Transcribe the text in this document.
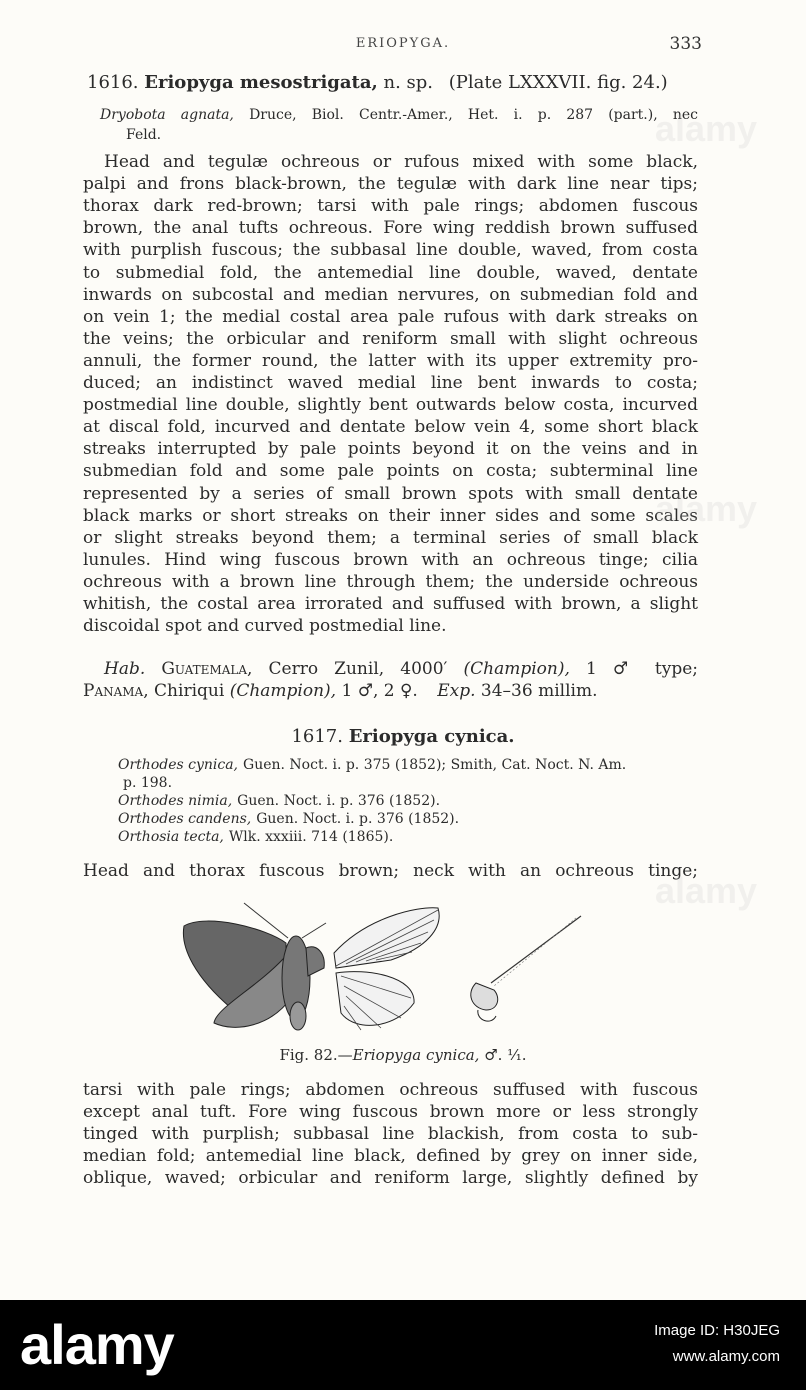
ERIOPYGA.	333
1616. Eriopyga mesostrigata, n. sp. (Plate LXXXVII. fig. 24.)
Dryobota agnata, Druce, Biol. Centr.-Amer., Het. i. p. 287 (part.), nec
Feld.
Head and tegulæ ochreous or rufous mixed with some black,
palpi and frons black-brown, the tegulæ with dark line near tips;
thorax dark red-brown; tarsi with pale rings; abdomen fuscous
brown, the anal tufts ochreous. Fore wing reddish brown suffused
with purplish fuscous; the subbasal line double, waved, from costa
to submedial fold, the antemedial line double, waved, dentate
inwards on subcostal and median nervures, on submedian fold and
on vein 1; the medial costal area pale rufous with dark streaks on
the veins; the orbicular and reniform small with slight ochreous
annuli, the former round, the latter with its upper extremity pro-
duced; an indistinct waved medial line bent inwards to costa;
postmedial line double, slightly bent outwards below costa, incurved
at discal fold, incurved and dentate below vein 4, some short black
streaks interrupted by pale points beyond it on the veins and in
submedian fold and some pale points on costa; subterminal line
represented by a series of small brown spots with small dentate
black marks or short streaks on their inner sides and some scales
or slight streaks beyond them; a terminal series of small black
lunules. Hind wing fuscous brown with an ochreous tinge; cilia
ochreous with a brown line through them; the underside ochreous
whitish, the costal area irrorated and suffused with brown, a slight
discoidal spot and curved postmedial line.
Hab. Guatemala, Cerro Zunil, 4000′ (Champion), 1 ♂ type;
Panama, Chiriqui (Champion), 1 ♂, 2 ♀. Exp. 34–36 millim.
1617. Eriopyga cynica.
Orthodes cynica, Guen. Noct. i. p. 375 (1852); Smith, Cat. Noct. N. Am.
p. 198.
Orthodes nimia, Guen. Noct. i. p. 376 (1852).
Orthodes candens, Guen. Noct. i. p. 376 (1852).
Orthosia tecta, Wlk. xxxiii. 714 (1865).
Head and thorax fuscous brown; neck with an ochreous tinge;
Fig. 82.—Eriopyga cynica, ♂. ⅟₁.
tarsi with pale rings; abdomen ochreous suffused with fuscous
except anal tuft. Fore wing fuscous brown more or less strongly
tinged with purplish; subbasal line blackish, from costa to sub-
median fold; antemedial line black, defined by grey on inner side,
oblique, waved; orbicular and reniform large, slightly defined by
alamy
alamy
alamy
alamy	Image ID: H30JEG
www.alamy.com
